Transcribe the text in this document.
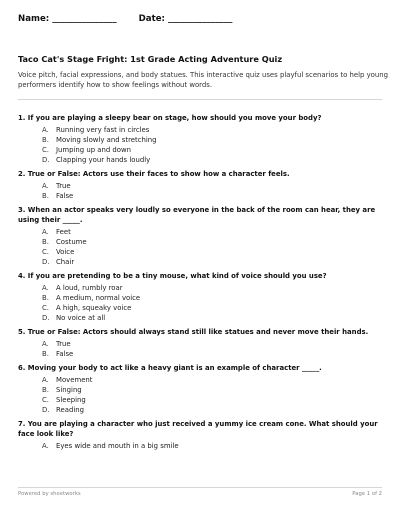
Name: _______________	Date: _______________
Taco Cat's Stage Fright: 1st Grade Acting Adventure Quiz
Voice pitch, facial expressions, and body statues. This interactive quiz uses playful scenarios to help young performers identify how to show feelings without words.
1. If you are playing a sleepy bear on stage, how should you move your body?
A.	Running very fast in circles
B.	Moving slowly and stretching
C.	Jumping up and down
D. Clapping your hands loudly
2. True or False: Actors use their faces to show how a character feels.
A.	True
B.	False
3. When an actor speaks very loudly so everyone in the back of the room can hear, they are using their _____.
A.	Feet
B.	Costume
C.	Voice
D. Chair
4. If you are pretending to be a tiny mouse, what kind of voice should you use?
A.	A loud, rumbly roar
B.	A medium, normal voice
C.	A high, squeaky voice
D. No voice at all
5. True or False: Actors should always stand still like statues and never move their hands.
A.	True
B.	False
6. Moving your body to act like a heavy giant is an example of character _____.
A.	Movement
B.	Singing
C.	Sleeping
D. Reading
7. You are playing a character who just received a yummy ice cream cone. What should your face look like?
A.	Eyes wide and mouth in a big smile
Powered by sheetworks	Page 1 of 2
